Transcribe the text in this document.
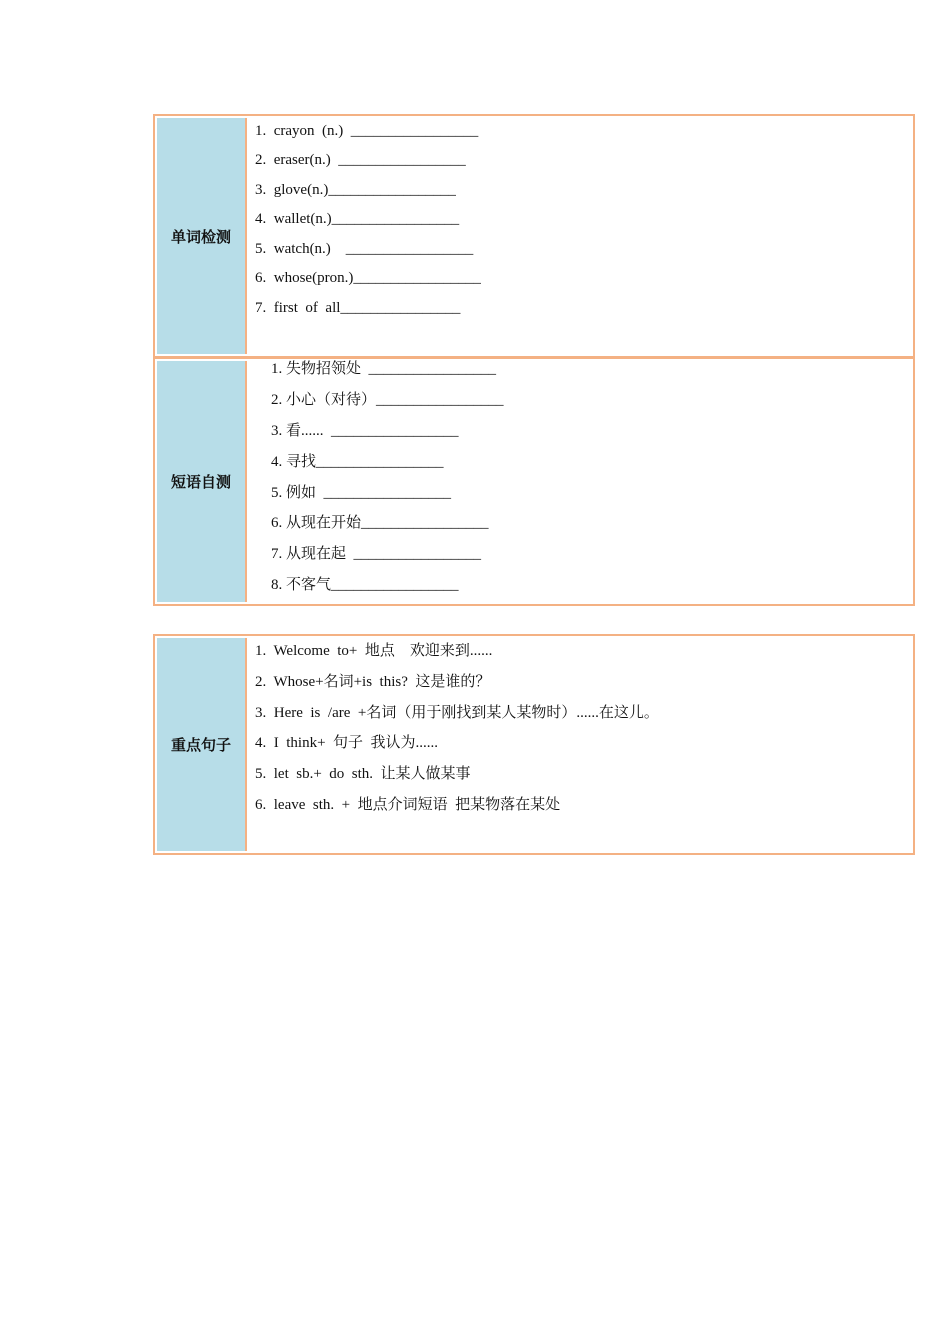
单词检测
1.  crayon  (n.)  _________________
2.  eraser(n.)  _________________
3.  glove(n.)_________________
4.  wallet(n.)_________________
5.  watch(n.)    _________________
6.  whose(pron.)_________________
7.  first  of  all________________
短语自测
1. 失物招领处  _________________
2. 小心（对待）_________________
3. 看......  _________________
4. 寻找_________________
5. 例如  _________________
6. 从现在开始_________________
7. 从现在起  _________________
8. 不客气_________________
重点句子
1.  Welcome  to+  地点    欢迎来到......
2.  Whose+名词+is  this?  这是谁的？
3.  Here  is  /are  +名词（用于刚找到某人某物时）......在这儿。
4.  I  think+  句子  我认为......
5.  let  sb.+  do  sth.  让某人做某事
6.  leave  sth.  +  地点介词短语  把某物落在某处
